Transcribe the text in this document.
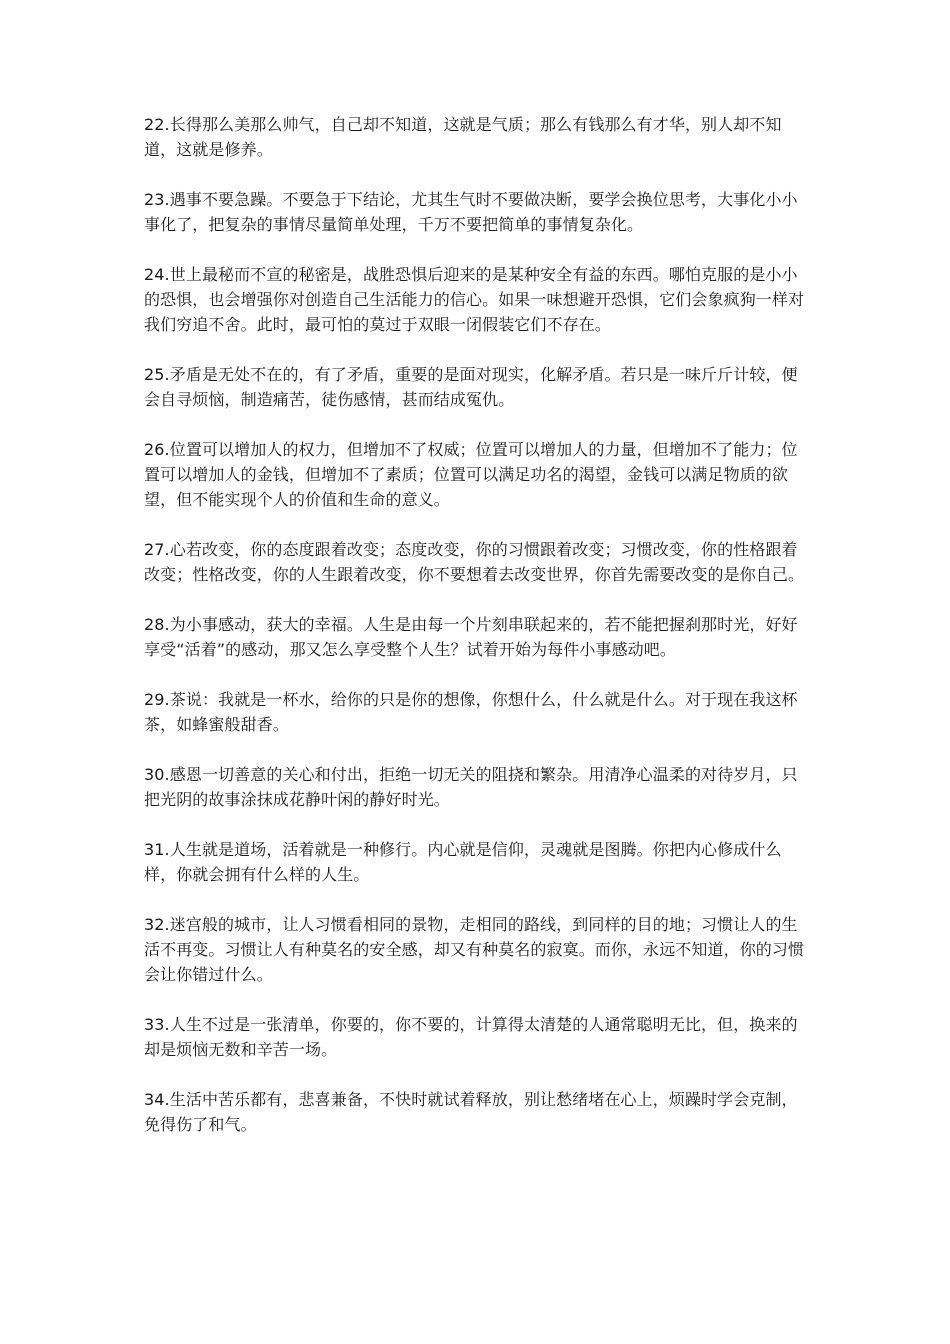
22.长得那么美那么帅气，自己却不知道，这就是气质；那么有钱那么有才华，别人却不知道，这就是修养。

23.遇事不要急躁。不要急于下结论，尤其生气时不要做决断，要学会换位思考，大事化小小事化了，把复杂的事情尽量简单处理，千万不要把简单的事情复杂化。

24.世上最秘而不宣的秘密是，战胜恐惧后迎来的是某种安全有益的东西。哪怕克服的是小小的恐惧，也会增强你对创造自己生活能力的信心。如果一味想避开恐惧，它们会象疯狗一样对我们穷追不舍。此时，最可怕的莫过于双眼一闭假装它们不存在。

25.矛盾是无处不在的，有了矛盾，重要的是面对现实，化解矛盾。若只是一味斤斤计较，便会自寻烦恼，制造痛苦，徒伤感情，甚而结成冤仇。

26.位置可以增加人的权力，但增加不了权威；位置可以增加人的力量，但增加不了能力；位置可以增加人的金钱，但增加不了素质；位置可以满足功名的渴望，金钱可以满足物质的欲望，但不能实现个人的价值和生命的意义。

27.心若改变，你的态度跟着改变；态度改变，你的习惯跟着改变；习惯改变，你的性格跟着改变；性格改变，你的人生跟着改变，你不要想着去改变世界，你首先需要改变的是你自己。

28.为小事感动，获大的幸福。人生是由每一个片刻串联起来的，若不能把握刹那时光，好好享受“活着”的感动，那又怎么享受整个人生？试着开始为每件小事感动吧。

29.茶说：我就是一杯水，给你的只是你的想像，你想什么，什么就是什么。对于现在我这杯茶，如蜂蜜般甜香。

30.感恩一切善意的关心和付出，拒绝一切无关的阻挠和繁杂。用清净心温柔的对待岁月，只把光阴的故事涂抹成花静叶闲的静好时光。

31.人生就是道场，活着就是一种修行。内心就是信仰，灵魂就是图腾。你把内心修成什么样，你就会拥有什么样的人生。

32.迷宫般的城市，让人习惯看相同的景物，走相同的路线，到同样的目的地；习惯让人的生活不再变。习惯让人有种莫名的安全感，却又有种莫名的寂寞。而你，永远不知道，你的习惯会让你错过什么。

33.人生不过是一张清单，你要的，你不要的，计算得太清楚的人通常聪明无比，但，换来的却是烦恼无数和辛苦一场。

34.生活中苦乐都有，悲喜兼备，不快时就试着释放，别让愁绪堵在心上，烦躁时学会克制，免得伤了和气。
